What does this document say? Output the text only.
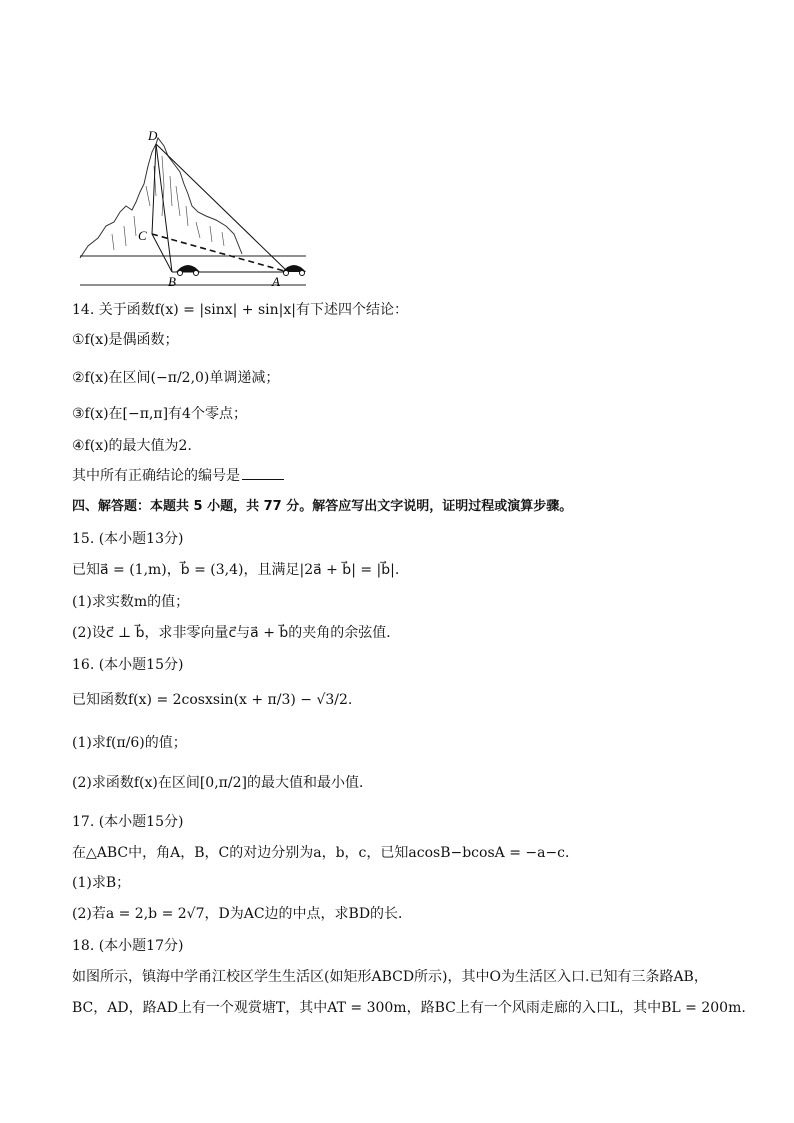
D
C
B	A
14. 关于函数f(x) = |sinx| + sin|x|有下述四个结论：
①f(x)是偶函数；
②f(x)在区间(−π/2,0)单调递减；
③f(x)在[−π,π]有4个零点；
④f(x)的最大值为2．
其中所有正确结论的编号是
四、解答题：本题共 5 小题，共 77 分。解答应写出文字说明，证明过程或演算步骤。
15. (本小题13分)
已知a⃗ = (1,m)，b⃗ = (3,4)，且满足|2a⃗ + b⃗| = |b⃗|.
(1)求实数m的值；
(2)设c⃗ ⊥ b⃗，求非零向量c⃗与a⃗ + b⃗的夹角的余弦值．
16. (本小题15分)
已知函数f(x) = 2cosxsin(x + π/3) − √3/2.
(1)求f(π/6)的值；
(2)求函数f(x)在区间[0,π/2]的最大值和最小值．
17. (本小题15分)
在△ABC中，角A，B，C的对边分别为a，b，c，已知acosB−bcosA = −a−c．
(1)求B；
(2)若a = 2,b = 2√7，D为AC边的中点，求BD的长．
18. (本小题17分)
如图所示，镇海中学甬江校区学生生活区(如矩形ABCD所示)，其中O为生活区入口.已知有三条路AB，
BC，AD，路AD上有一个观赏塘T，其中AT = 300m，路BC上有一个风雨走廊的入口L，其中BL = 200m.
